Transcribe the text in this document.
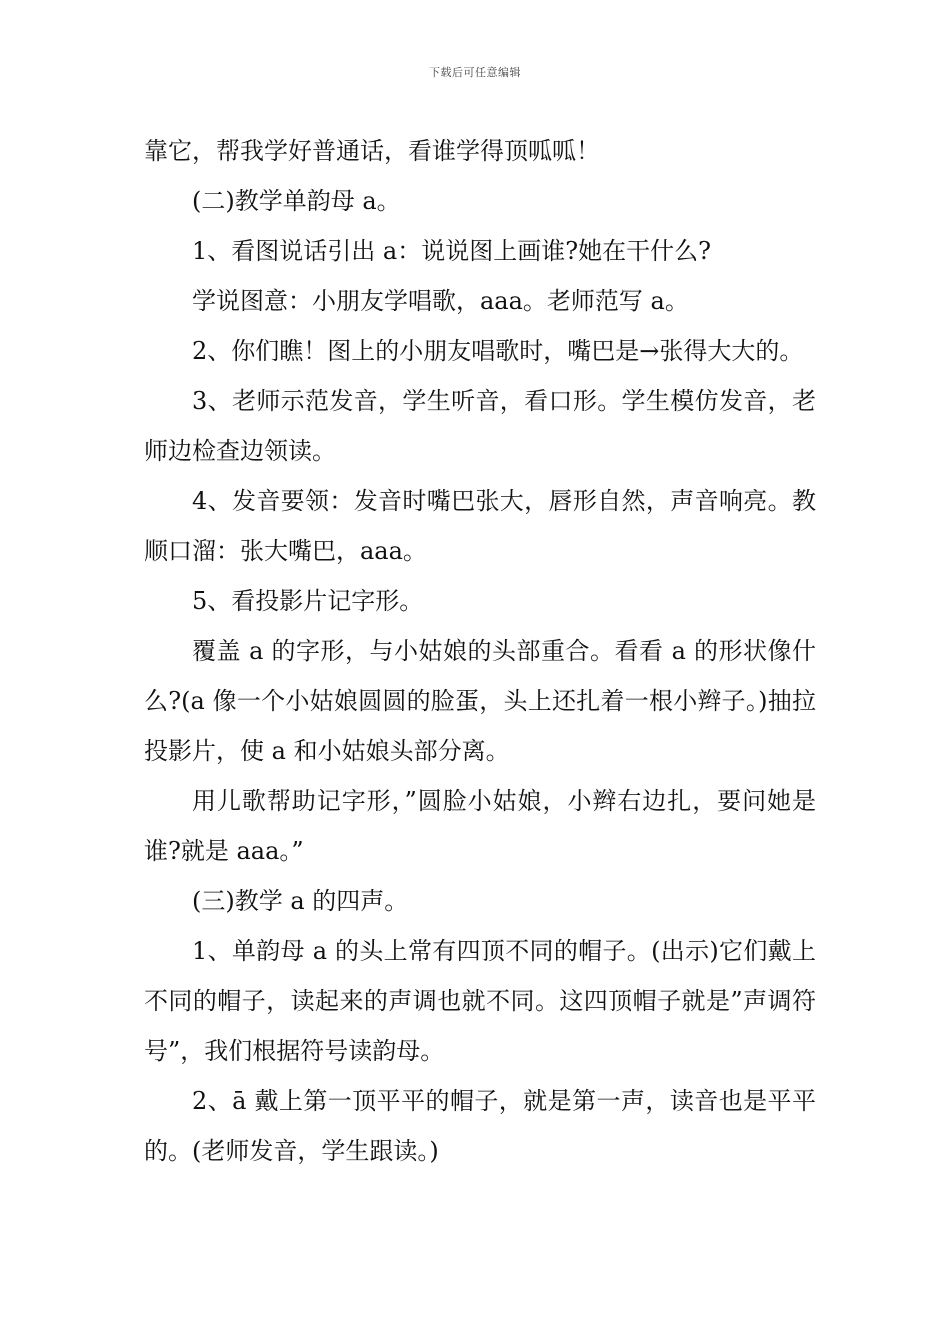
下载后可任意编辑

靠它，帮我学好普通话，看谁学得顶呱呱！

(二)教学单韵母 a。

1、看图说话引出 a：说说图上画谁?她在干什么?

学说图意：小朋友学唱歌，aaa。老师范写 a。

2、你们瞧！图上的小朋友唱歌时，嘴巴是→张得大大的。

3、老师示范发音，学生听音，看口形。学生模仿发音，老师边检查边领读。

4、发音要领：发音时嘴巴张大，唇形自然，声音响亮。教顺口溜：张大嘴巴，aaa。

5、看投影片记字形。

覆盖 a 的字形，与小姑娘的头部重合。看看 a 的形状像什么?(a 像一个小姑娘圆圆的脸蛋，头上还扎着一根小辫子。)抽拉投影片，使 a 和小姑娘头部分离。

用儿歌帮助记字形，”圆脸小姑娘，小辫右边扎，要问她是谁?就是 aaa。”

(三)教学 a 的四声。

1、单韵母 a 的头上常有四顶不同的帽子。(出示)它们戴上不同的帽子，读起来的声调也就不同。这四顶帽子就是”声调符号”，我们根据符号读韵母。

2、ā 戴上第一顶平平的帽子，就是第一声，读音也是平平的。(老师发音，学生跟读。)
